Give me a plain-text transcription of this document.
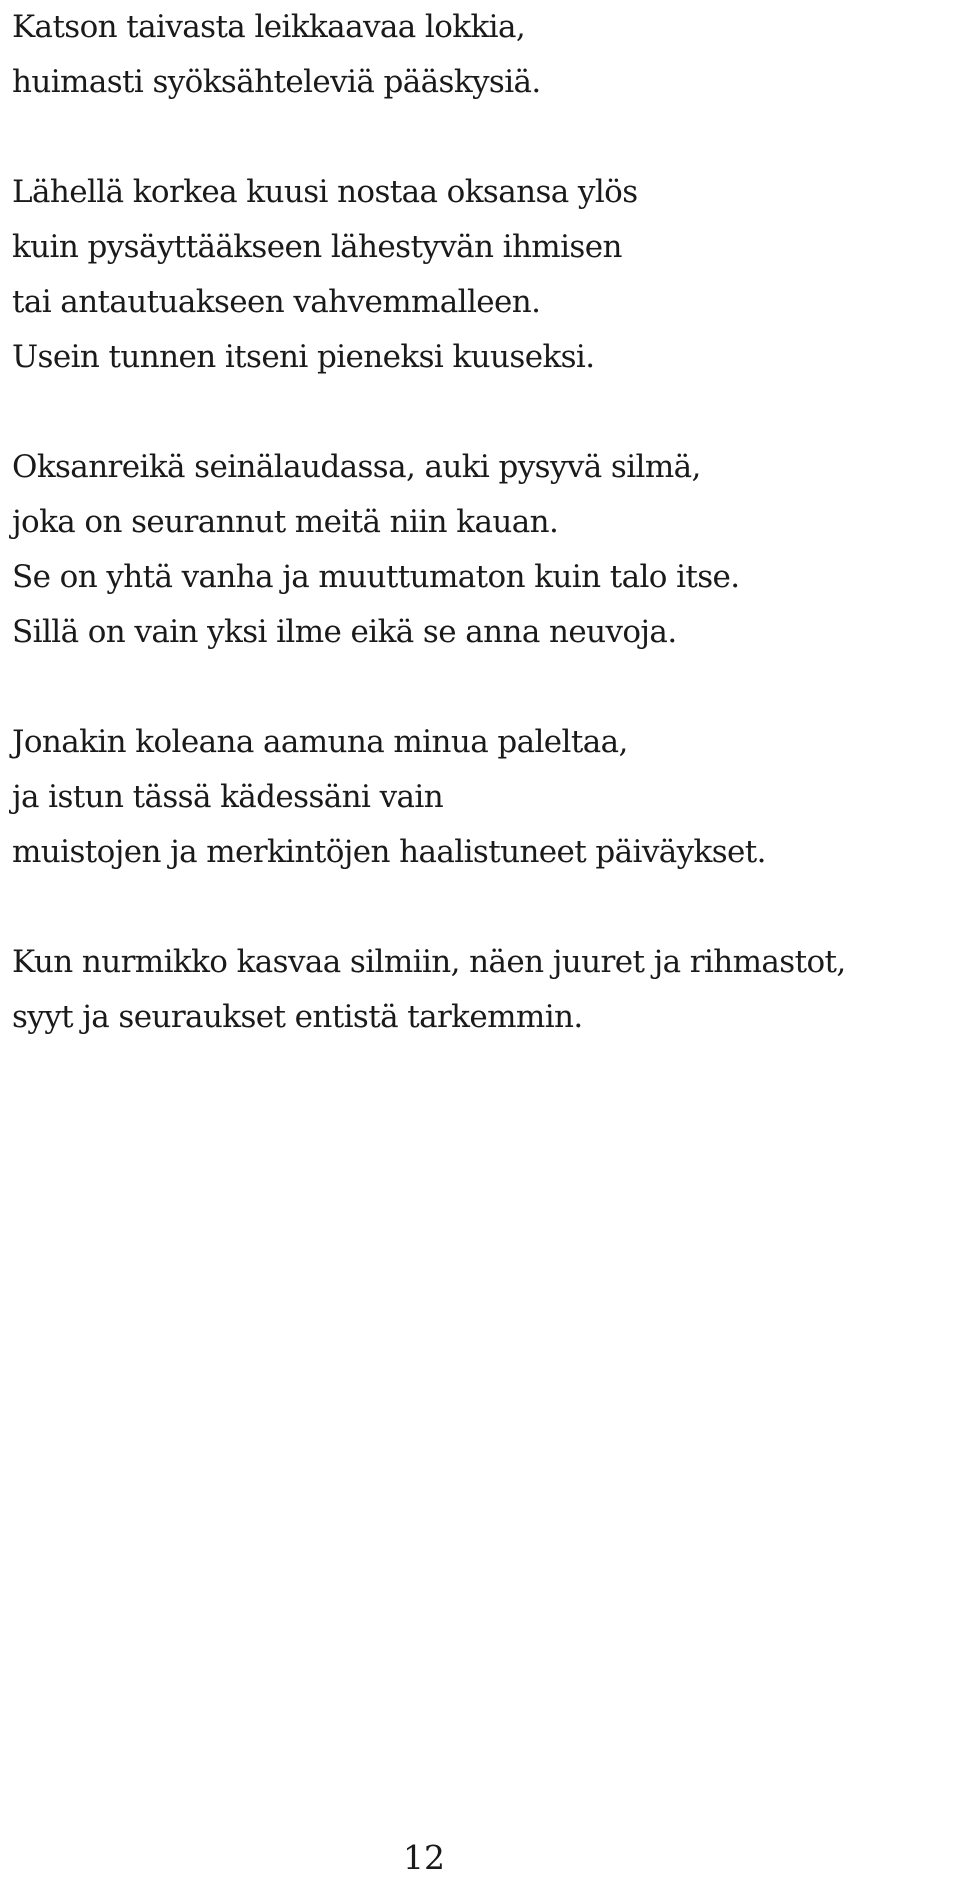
Katson taivasta leikkaavaa lokkia,
huimasti syöksähteleviä pääskysiä.

Lähellä korkea kuusi nostaa oksansa ylös
kuin pysäyttääkseen lähestyvän ihmisen
tai antautuakseen vahvemmalleen.
Usein tunnen itseni pieneksi kuuseksi.

Oksanreikä seinälaudassa, auki pysyvä silmä,
joka on seurannut meitä niin kauan.
Se on yhtä vanha ja muuttumaton kuin talo itse.
Sillä on vain yksi ilme eikä se anna neuvoja.

Jonakin koleana aamuna minua paleltaa,
ja istun tässä kädessäni vain
muistojen ja merkintöjen haalistuneet päiväykset.

Kun nurmikko kasvaa silmiin, näen juuret ja rihmastot,
syyt ja seuraukset entistä tarkemmin.

12
